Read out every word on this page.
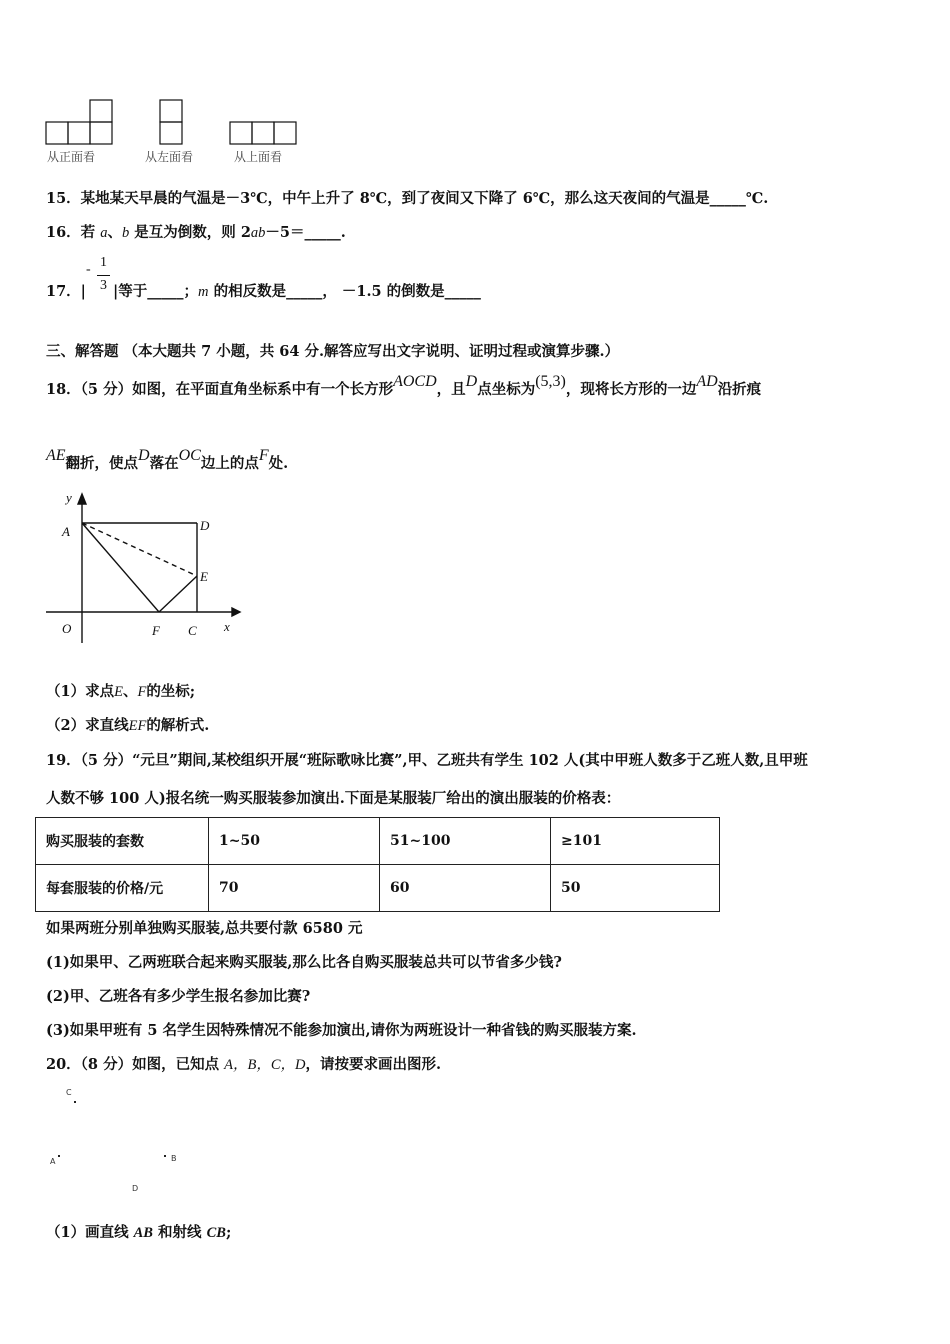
从正面看	从左面看	从上面看
15．某地某天早晨的气温是－3℃，中午上升了 8℃，到了夜间又下降了 6℃，那么这天夜间的气温是_____℃.
16．若 a、b 是互为倒数，则 2ab－5＝_____.
17．| |等于_____；m 的相反数是_____， －1.5 的倒数是_____
- 1
3
三、解答题 （本大题共 7 小题，共 64 分.解答应写出文字说明、证明过程或演算步骤.）
18．（5 分）如图，在平面直角坐标系中有一个长方形AOCD，且D点坐标为(5,3)，现将长方形的一边AD沿折痕
AE翻折，使点D落在OC边上的点F处.
y
A	D
E
O	F C x
（1）求点E、F的坐标;
（2）求直线EF的解析式.
19．（5 分）“元旦”期间,某校组织开展“班际歌咏比赛”,甲、乙班共有学生 102 人(其中甲班人数多于乙班人数,且甲班
人数不够 100 人)报名统一购买服装参加演出.下面是某服装厂给出的演出服装的价格表：
购买服装的套数	1~50	51~100	≥101
每套服装的价格/元	70	60	50
如果两班分别单独购买服装,总共要付款 6580 元
(1)如果甲、乙两班联合起来购买服装,那么比各自购买服装总共可以节省多少钱?
(2)甲、乙班各有多少学生报名参加比赛?
(3)如果甲班有 5 名学生因特殊情况不能参加演出,请你为两班设计一种省钱的购买服装方案.
20．（8 分）如图，已知点 A，B，C，D，请按要求画出图形.
C
A	B
D
（1）画直线 AB 和射线 CB;
